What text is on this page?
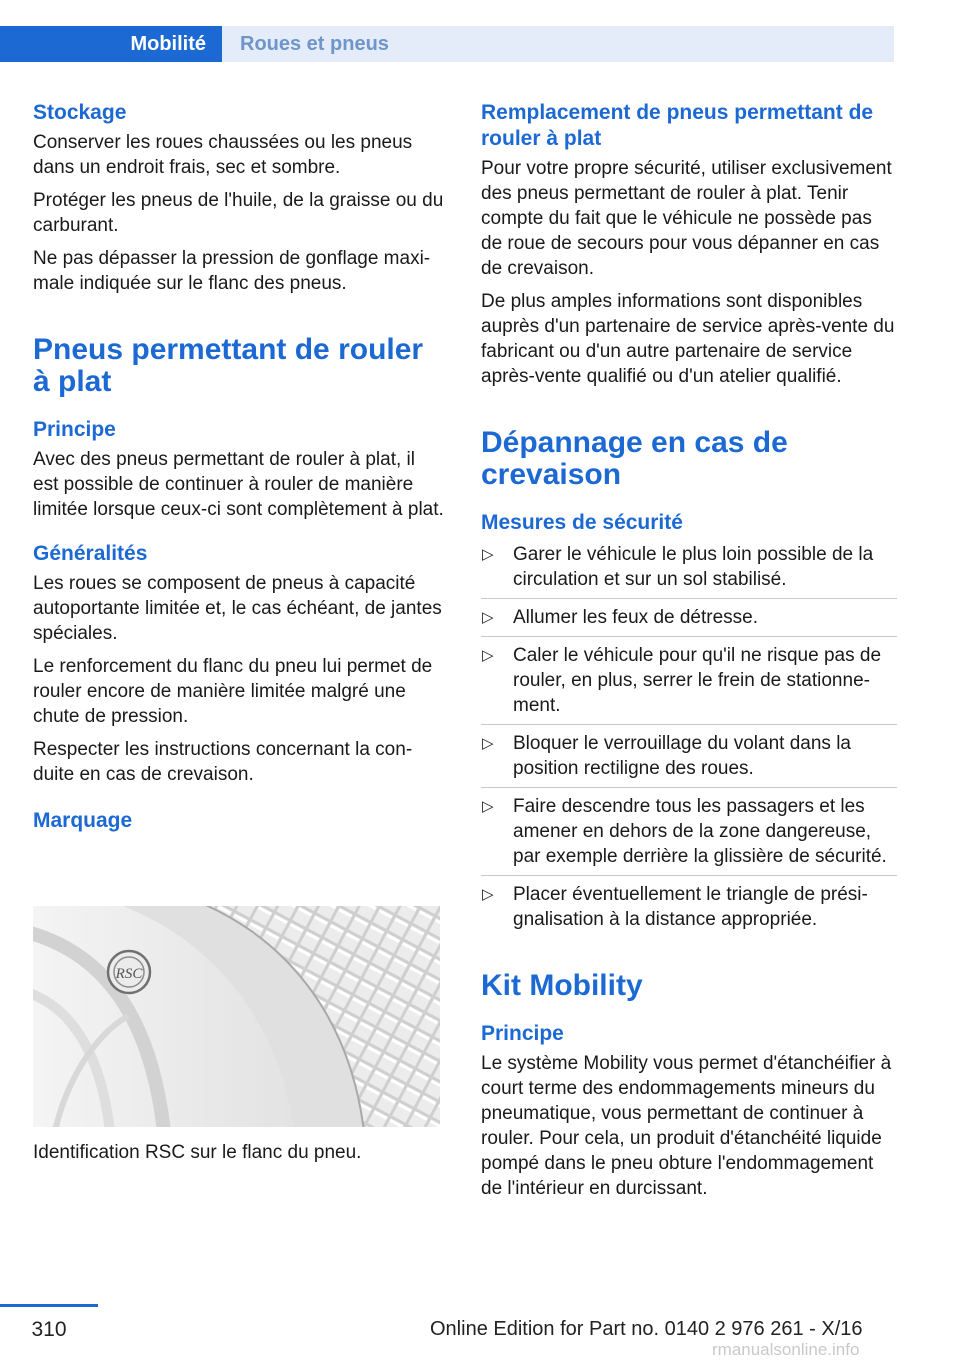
Mobilité	Roues et pneus
Stockage

Conserver les roues chaussées ou les pneus dans un endroit frais, sec et sombre.

Protéger les pneus de l'huile, de la graisse ou du carburant.

Ne pas dépasser la pression de gonflage maximale indiquée sur le flanc des pneus.

Pneus permettant de rouler à plat
Principe

Avec des pneus permettant de rouler à plat, il est possible de continuer à rouler de manière limitée lorsque ceux-ci sont complètement à plat.

Généralités

Les roues se composent de pneus à capacité autoportante limitée et, le cas échéant, de jantes spéciales.

Le renforcement du flanc du pneu lui permet de rouler encore de manière limitée malgré une chute de pression.

Respecter les instructions concernant la conduite en cas de crevaison.

Marquage
RSC

Identification RSC sur le flanc du pneu.

Remplacement de pneus permettant de rouler à plat

Pour votre propre sécurité, utiliser exclusivement des pneus permettant de rouler à plat. Tenir compte du fait que le véhicule ne possède pas de roue de secours pour vous dépanner en cas de crevaison.

De plus amples informations sont disponibles auprès d'un partenaire de service après-vente du fabricant ou d'un autre partenaire de service après-vente qualifié ou d'un atelier qualifié.

Dépannage en cas de crevaison
Mesures de sécurité
▷ Garer le véhicule le plus loin possible de la circulation et sur un sol stabilisé.
▷ Allumer les feux de détresse.
▷ Caler le véhicule pour qu'il ne risque pas de rouler, en plus, serrer le frein de stationnement.
▷ Bloquer le verrouillage du volant dans la position rectiligne des roues.
▷ Faire descendre tous les passagers et les amener en dehors de la zone dangereuse, par exemple derrière la glissière de sécurité.
▷ Placer éventuellement le triangle de présignalisation à la distance appropriée.
Kit Mobility
Principe

Le système Mobility vous permet d'étanchéifier à court terme des endommagements mineurs du pneumatique, vous permettant de continuer à rouler. Pour cela, un produit d'étanchéité liquide pompé dans le pneu obture l'endommagement de l'intérieur en durcissant.

310	Online Edition for Part no. 0140 2 976 261 - X/16
rmanualsonline.info
